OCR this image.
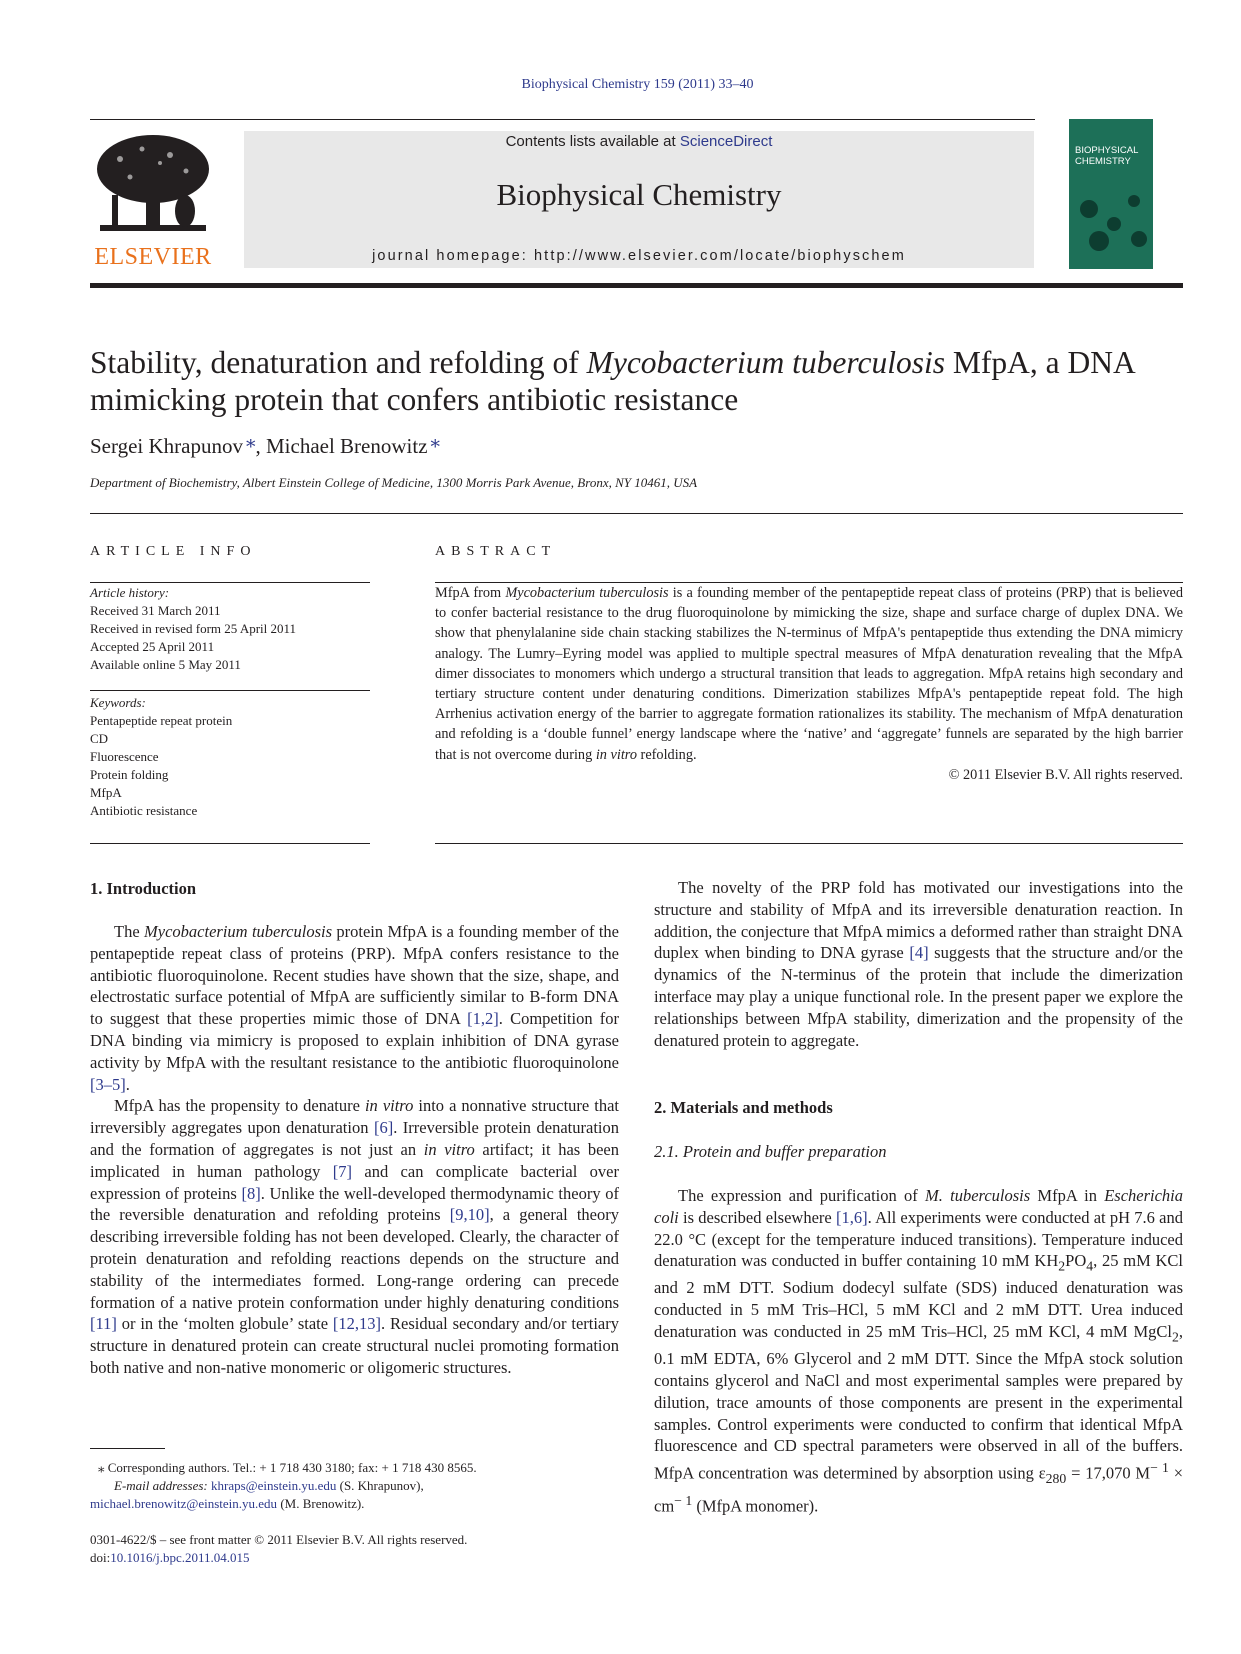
Biophysical Chemistry 159 (2011) 33–40
ELSEVIER
Contents lists available at ScienceDirect
Biophysical Chemistry
journal homepage: http://www.elsevier.com/locate/biophyschem
BIOPHYSICAL CHEMISTRY
Stability, denaturation and refolding of Mycobacterium tuberculosis MfpA, a DNA mimicking protein that confers antibiotic resistance
Sergei Khrapunov ⁎, Michael Brenowitz ⁎
Department of Biochemistry, Albert Einstein College of Medicine, 1300 Morris Park Avenue, Bronx, NY 10461, USA
ARTICLE INFO
Article history:
Received 31 March 2011
Received in revised form 25 April 2011
Accepted 25 April 2011
Available online 5 May 2011
Keywords:
Pentapeptide repeat protein
CD
Fluorescence
Protein folding
MfpA
Antibiotic resistance
ABSTRACT
MfpA from Mycobacterium tuberculosis is a founding member of the pentapeptide repeat class of proteins (PRP) that is believed to confer bacterial resistance to the drug fluoroquinolone by mimicking the size, shape and surface charge of duplex DNA. We show that phenylalanine side chain stacking stabilizes the N-terminus of MfpA's pentapeptide thus extending the DNA mimicry analogy. The Lumry–Eyring model was applied to multiple spectral measures of MfpA denaturation revealing that the MfpA dimer dissociates to monomers which undergo a structural transition that leads to aggregation. MfpA retains high secondary and tertiary structure content under denaturing conditions. Dimerization stabilizes MfpA's pentapeptide repeat fold. The high Arrhenius activation energy of the barrier to aggregate formation rationalizes its stability. The mechanism of MfpA denaturation and refolding is a ‘double funnel’ energy landscape where the ‘native’ and ‘aggregate’ funnels are separated by the high barrier that is not overcome during in vitro refolding.
© 2011 Elsevier B.V. All rights reserved.
1. Introduction

The Mycobacterium tuberculosis protein MfpA is a founding member of the pentapeptide repeat class of proteins (PRP). MfpA confers resistance to the antibiotic fluoroquinolone. Recent studies have shown that the size, shape, and electrostatic surface potential of MfpA are sufficiently similar to B-form DNA to suggest that these properties mimic those of DNA [1,2]. Competition for DNA binding via mimicry is proposed to explain inhibition of DNA gyrase activity by MfpA with the resultant resistance to the antibiotic fluoroquinolone [3–5].

MfpA has the propensity to denature in vitro into a nonnative structure that irreversibly aggregates upon denaturation [6]. Irreversible protein denaturation and the formation of aggregates is not just an in vitro artifact; it has been implicated in human pathology [7] and can complicate bacterial over expression of proteins [8]. Unlike the well-developed thermodynamic theory of the reversible denaturation and refolding proteins [9,10], a general theory describing irreversible folding has not been developed. Clearly, the character of protein denaturation and refolding reactions depends on the structure and stability of the intermediates formed. Long-range ordering can precede formation of a native protein conformation under highly denaturing conditions [11] or in the ‘molten globule’ state [12,13]. Residual secondary and/or tertiary structure in denatured protein can create structural nuclei promoting formation both native and non-native monomeric or oligomeric structures.

⁎ Corresponding authors. Tel.: + 1 718 430 3180; fax: + 1 718 430 8565.
E-mail addresses: khraps@einstein.yu.edu (S. Khrapunov),
michael.brenowitz@einstein.yu.edu (M. Brenowitz).
0301-4622/$ – see front matter © 2011 Elsevier B.V. All rights reserved.
doi:10.1016/j.bpc.2011.04.015

The novelty of the PRP fold has motivated our investigations into the structure and stability of MfpA and its irreversible denaturation reaction. In addition, the conjecture that MfpA mimics a deformed rather than straight DNA duplex when binding to DNA gyrase [4] suggests that the structure and/or the dynamics of the N-terminus of the protein that include the dimerization interface may play a unique functional role. In the present paper we explore the relationships between MfpA stability, dimerization and the propensity of the denatured protein to aggregate.

2. Materials and methods
2.1. Protein and buffer preparation

The expression and purification of M. tuberculosis MfpA in Escherichia coli is described elsewhere [1,6]. All experiments were conducted at pH 7.6 and 22.0 °C (except for the temperature induced transitions). Temperature induced denaturation was conducted in buffer containing 10 mM $KH_2PO_4$, 25 mM KCl and 2 mM DTT. Sodium dodecyl sulfate (SDS) induced denaturation was conducted in 5 mM Tris–HCl, 5 mM KCl and 2 mM DTT. Urea induced denaturation was conducted in 25 mM Tris–HCl, 25 mM KCl, 4 mM MgCl$_2$, 0.1 mM EDTA, 6% Glycerol and 2 mM DTT. Since the MfpA stock solution contains glycerol and NaCl and most experimental samples were prepared by dilution, trace amounts of those components are present in the experimental samples. Control experiments were conducted to confirm that identical MfpA fluorescence and CD spectral parameters were observed in all of the buffers. MfpA concentration was determined by absorption using $\varepsilon_{280} = 17,070$ $M^{- 1} \times cm^{- 1}$ (MfpA monomer).
